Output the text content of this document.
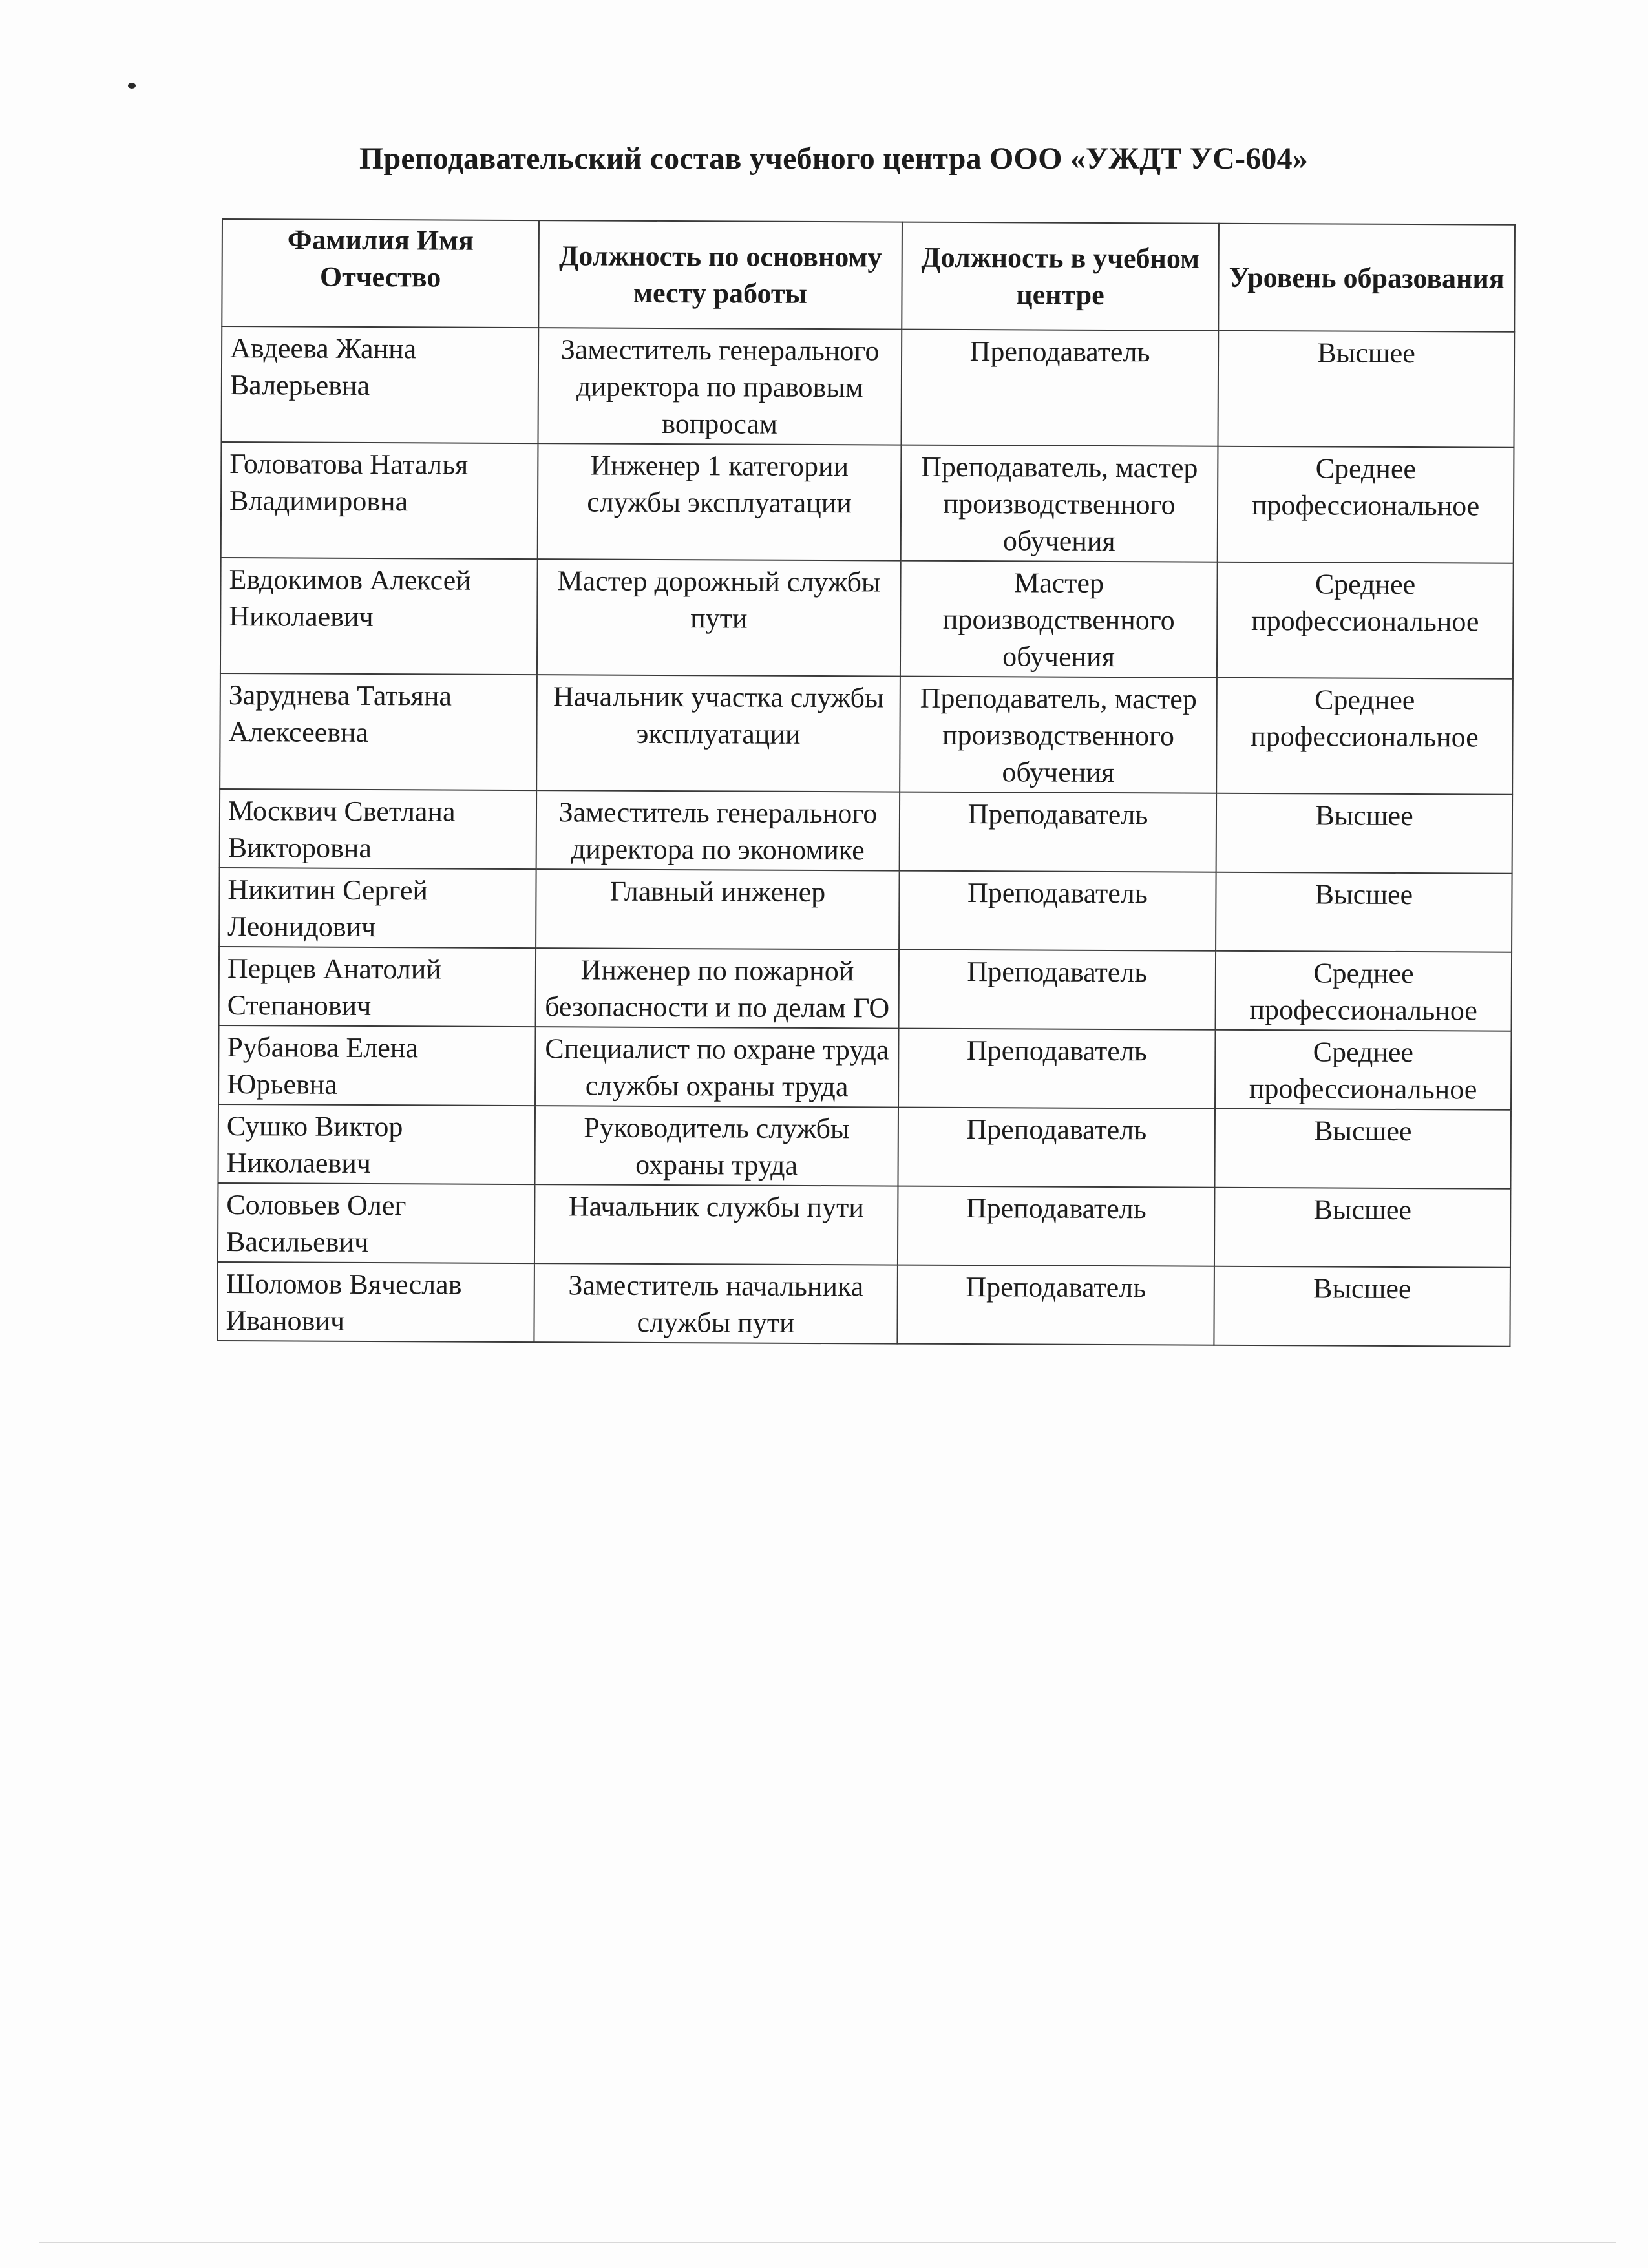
Преподавательский состав учебного центра ООО «УЖДТ УС-604»
Фамилия Имя Отчество	Должность по основному месту работы	Должность в учебном центре	Уровень образования
Авдеева Жанна Валерьевна	Заместитель генерального директора по правовым вопросам	Преподаватель	Высшее
Головатова Наталья Владимировна	Инженер 1 категории службы эксплуатации	Преподаватель, мастер производственного обучения	Среднее профессиональное
Евдокимов Алексей Николаевич	Мастер дорожный службы пути	Мастер производственного обучения	Среднее профессиональное
Заруднева Татьяна Алексеевна	Начальник участка службы эксплуатации	Преподаватель, мастер производственного обучения	Среднее профессиональное
Москвич Светлана Викторовна	Заместитель генерального директора по экономике	Преподаватель	Высшее
Никитин Сергей Леонидович	Главный инженер	Преподаватель	Высшее
Перцев Анатолий Степанович	Инженер по пожарной безопасности и по делам ГО	Преподаватель	Среднее профессиональное
Рубанова Елена Юрьевна	Специалист по охране труда службы охраны труда	Преподаватель	Среднее профессиональное
Сушко Виктор Николаевич	Руководитель службы охраны труда	Преподаватель	Высшее
Соловьев Олег Васильевич	Начальник службы пути	Преподаватель	Высшее
Шоломов Вячеслав Иванович	Заместитель начальника службы пути	Преподаватель	Высшее
